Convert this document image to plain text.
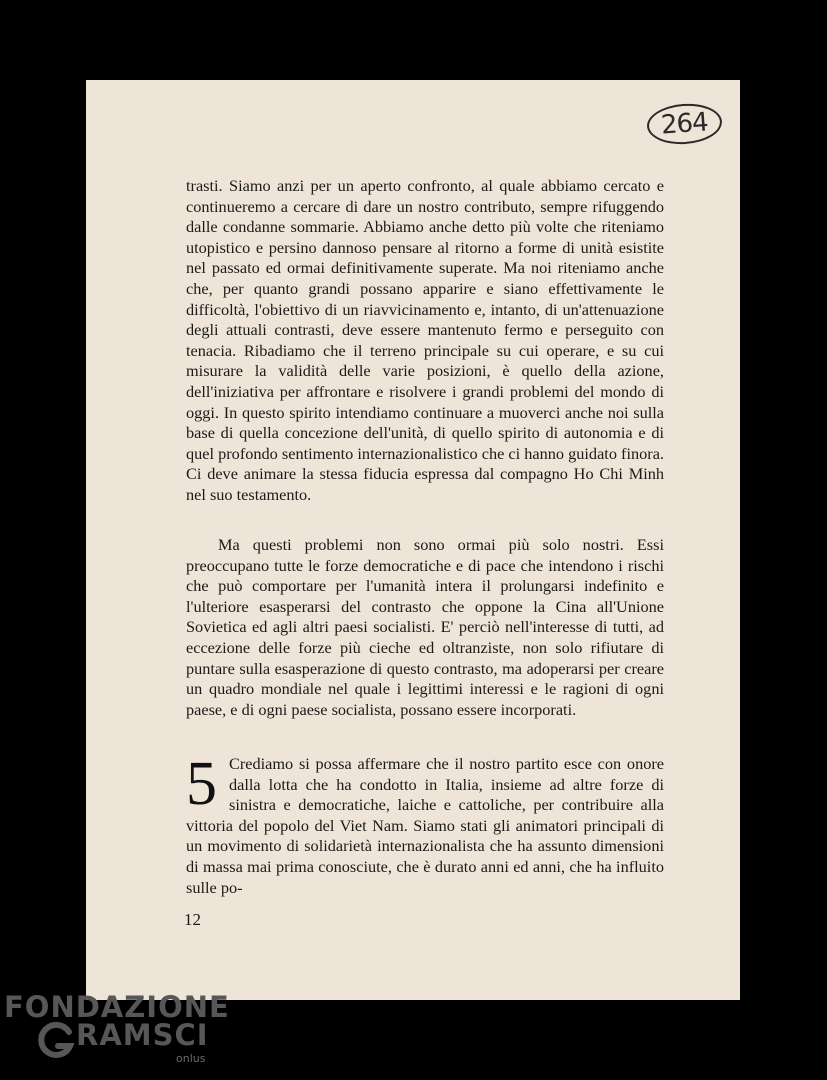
264

trasti. Siamo anzi per un aperto confronto, al quale abbiamo cercato e continueremo a cercare di dare un nostro contributo, sempre rifuggendo dalle condanne sommarie. Abbiamo anche detto più volte che riteniamo utopistico e persino dannoso pensare al ritorno a forme di unità esistite nel passato ed ormai definitivamente superate. Ma noi riteniamo anche che, per quanto grandi possano apparire e siano effettivamente le difficoltà, l'obiettivo di un riavvicinamento e, intanto, di un'attenuazione degli attuali contrasti, deve essere mantenuto fermo e perseguito con tenacia. Ribadiamo che il terreno principale su cui operare, e su cui misurare la validità delle varie posizioni, è quello della azione, dell'iniziativa per affrontare e risolvere i grandi problemi del mondo di oggi. In questo spirito intendiamo continuare a muoverci anche noi sulla base di quella concezione dell'unità, di quello spirito di autonomia e di quel profondo sentimento internazionalistico che ci hanno guidato finora. Ci deve animare la stessa fiducia espressa dal compagno Ho Chi Minh nel suo testamento.

Ma questi problemi non sono ormai più solo nostri. Essi preoccupano tutte le forze democratiche e di pace che intendono i rischi che può comportare per l'umanità intera il prolungarsi indefinito e l'ulteriore esasperarsi del contrasto che oppone la Cina all'Unione Sovietica ed agli altri paesi socialisti. E' perciò nell'interesse di tutti, ad eccezione delle forze più cieche ed oltranziste, non solo rifiutare di puntare sulla esasperazione di questo contrasto, ma adoperarsi per creare un quadro mondiale nel quale i legittimi interessi e le ragioni di ogni paese, e di ogni paese socialista, possano essere incorporati.

5 Crediamo si possa affermare che il nostro partito esce con onore dalla lotta che ha condotto in Italia, insieme ad altre forze di sinistra e democratiche, laiche e cattoliche, per contribuire alla vittoria del popolo del Viet Nam. Siamo stati gli animatori principali di un movimento di solidarietà internazionalista che ha assunto dimensioni di massa mai prima conosciute, che è durato anni ed anni, che ha influito sulle po-
12
FONDAZIONE
RAMSCI
onlus
